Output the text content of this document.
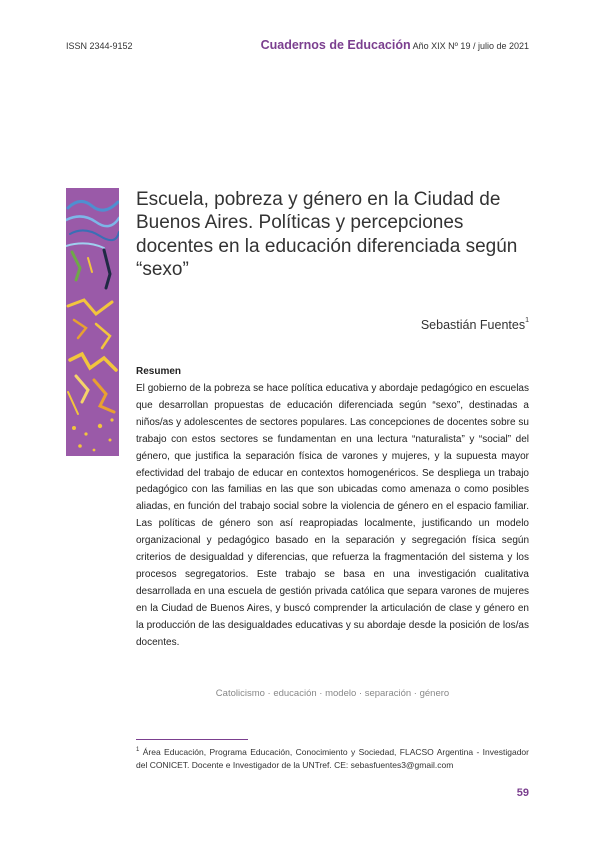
ISSN 2344-9152	Cuadernos de Educación Año XIX Nº 19 / julio de 2021
Escuela, pobreza y género en la Ciudad de Buenos Aires. Políticas y percepciones docentes en la educación diferenciada según “sexo”
Sebastián Fuentes$^1$
Resumen

El gobierno de la pobreza se hace política educativa y abordaje pedagógico en escuelas que desarrollan propuestas de educación diferenciada según “sexo”, destinadas a niños/as y adolescentes de sectores populares. Las concepciones de docentes sobre su trabajo con estos sectores se fundamentan en una lectura “naturalista” y “social” del género, que justifica la separación física de varones y mujeres, y la supuesta mayor efectividad del trabajo de educar en contextos homogenéricos. Se despliega un trabajo pedagógico con las familias en las que son ubicadas como amenaza o como posibles aliadas, en función del trabajo social sobre la violencia de género en el espacio familiar. Las políticas de género son así reapropiadas localmente, justificando un modelo organizacional y pedagógico basado en la separación y segregación física según criterios de desigualdad y diferencias, que refuerza la fragmentación del sistema y los procesos segregatorios. Este trabajo se basa en una investigación cualitativa desarrollada en una escuela de gestión privada católica que separa varones de mujeres en la Ciudad de Buenos Aires, y buscó comprender la articulación de clase y género en la producción de las desigualdades educativas y su abordaje desde la posición de los/as docentes.

Catolicismo · educación · modelo · separación · género

$^1$ Área Educación, Programa Educación, Conocimiento y Sociedad, FLACSO Argentina - Investigador del CONICET. Docente e Investigador de la UNTref. CE: sebasfuentes3@gmail.com

59
